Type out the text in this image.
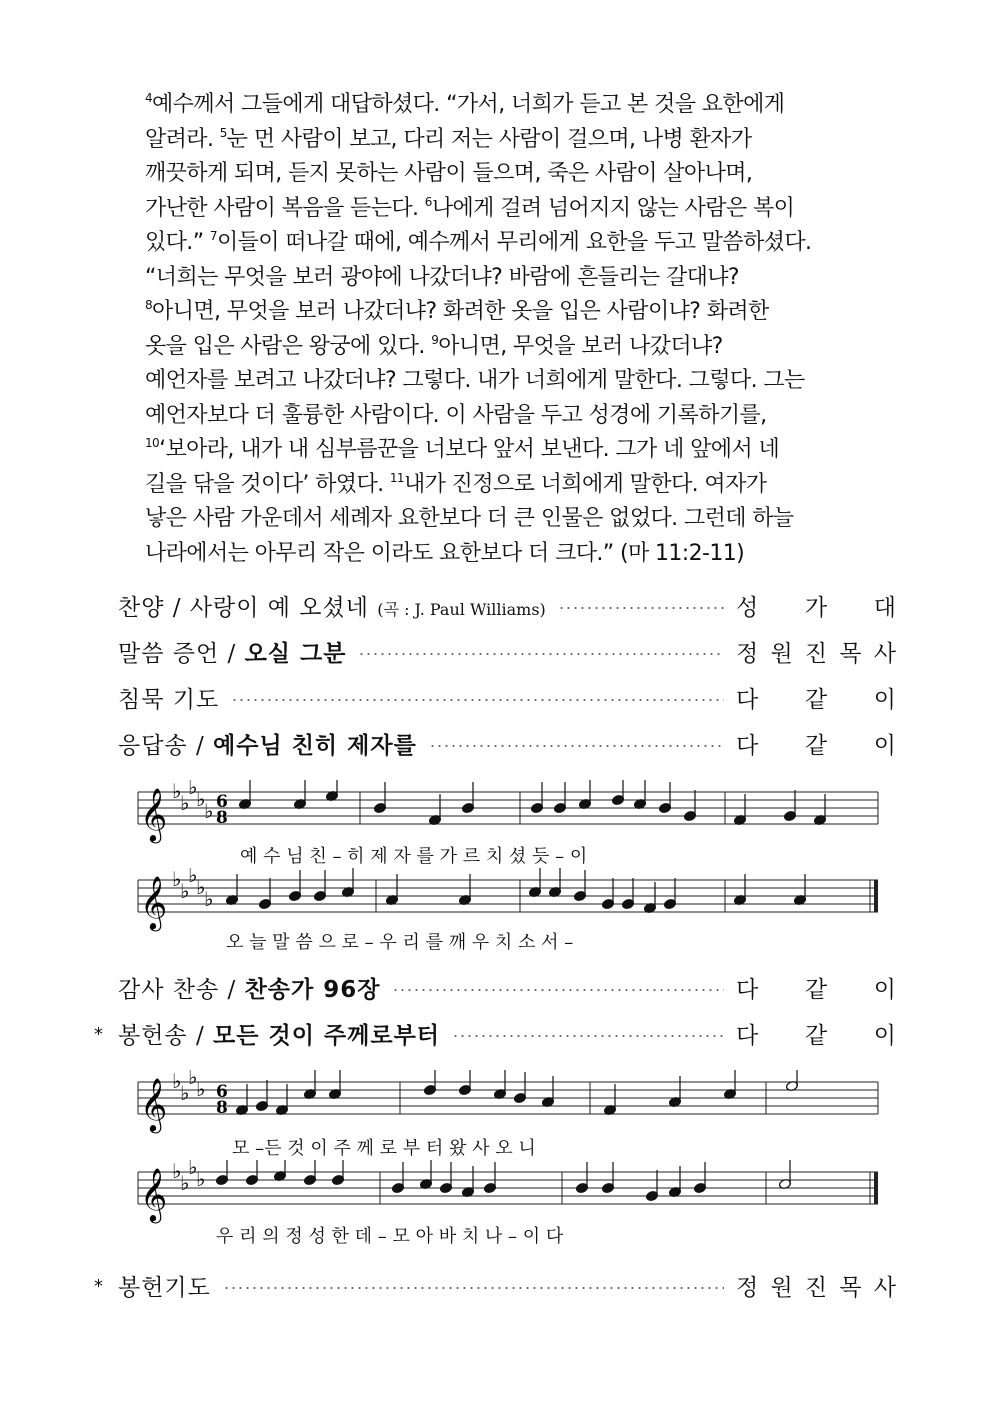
$^4$예수께서 그들에게 대답하셨다. “가서, 너희가 듣고 본 것을 요한에게
알려라. $^5$눈 먼 사람이 보고, 다리 저는 사람이 걸으며, 나병 환자가
깨끗하게 되며, 듣지 못하는 사람이 들으며, 죽은 사람이 살아나며,
가난한 사람이 복음을 듣는다. $^6$나에게 걸려 넘어지지 않는 사람은 복이
있다.” $^7$이들이 떠나갈 때에, 예수께서 무리에게 요한을 두고 말씀하셨다.
“너희는 무엇을 보러 광야에 나갔더냐? 바람에 흔들리는 갈대냐?
$^8$아니면, 무엇을 보러 나갔더냐? 화려한 옷을 입은 사람이냐? 화려한
옷을 입은 사람은 왕궁에 있다. $^9$아니면, 무엇을 보러 나갔더냐?
예언자를 보려고 나갔더냐? 그렇다. 내가 너희에게 말한다. 그렇다. 그는
예언자보다 더 훌륭한 사람이다. 이 사람을 두고 성경에 기록하기를,
$^{10}$‘보아라, 내가 내 심부름꾼을 너보다 앞서 보낸다. 그가 네 앞에서 네
길을 닦을 것이다’ 하였다. $^{11}$내가 진정으로 너희에게 말한다. 여자가
낳은 사람 가운데서 세례자 요한보다 더 큰 인물은 없었다. 그런데 하늘
나라에서는 아무리 작은 이라도 요한보다 더 크다.” (마 11:2-11)
찬양 / 사랑이 예 오셨네 (곡 : J. Paul Williams)	성 가 대
말씀 증언 / 오실 그분	정 원 진 목 사
침묵 기도	다 같 이
응답송 / 예수님 친히 제자를	다 같 이
𝄞 ♭
♭
♭
♭
♭ 6
8
예 수 님 친 – 히 제 자 를 가 르 치 셨 듯 – 이
𝄞 ♭
♭
♭
♭
♭
오 늘 말 씀 으 로 – 우 리 를 깨 우 치 소 서 –
감사 찬송 / 찬송가 96장	다 같 이
* 봉헌송 / 모든 것이 주께로부터	다 같 이
𝄞 ♭
♭
♭
♭ 6
8
모 –든 것 이 주 께 로 부 터 왔 사 오 니
𝄞 ♭
♭
♭
♭
우 리 의 정 성 한 데 – 모 아 바 치 나 – 이 다
* 봉헌기도	정 원 진 목 사
